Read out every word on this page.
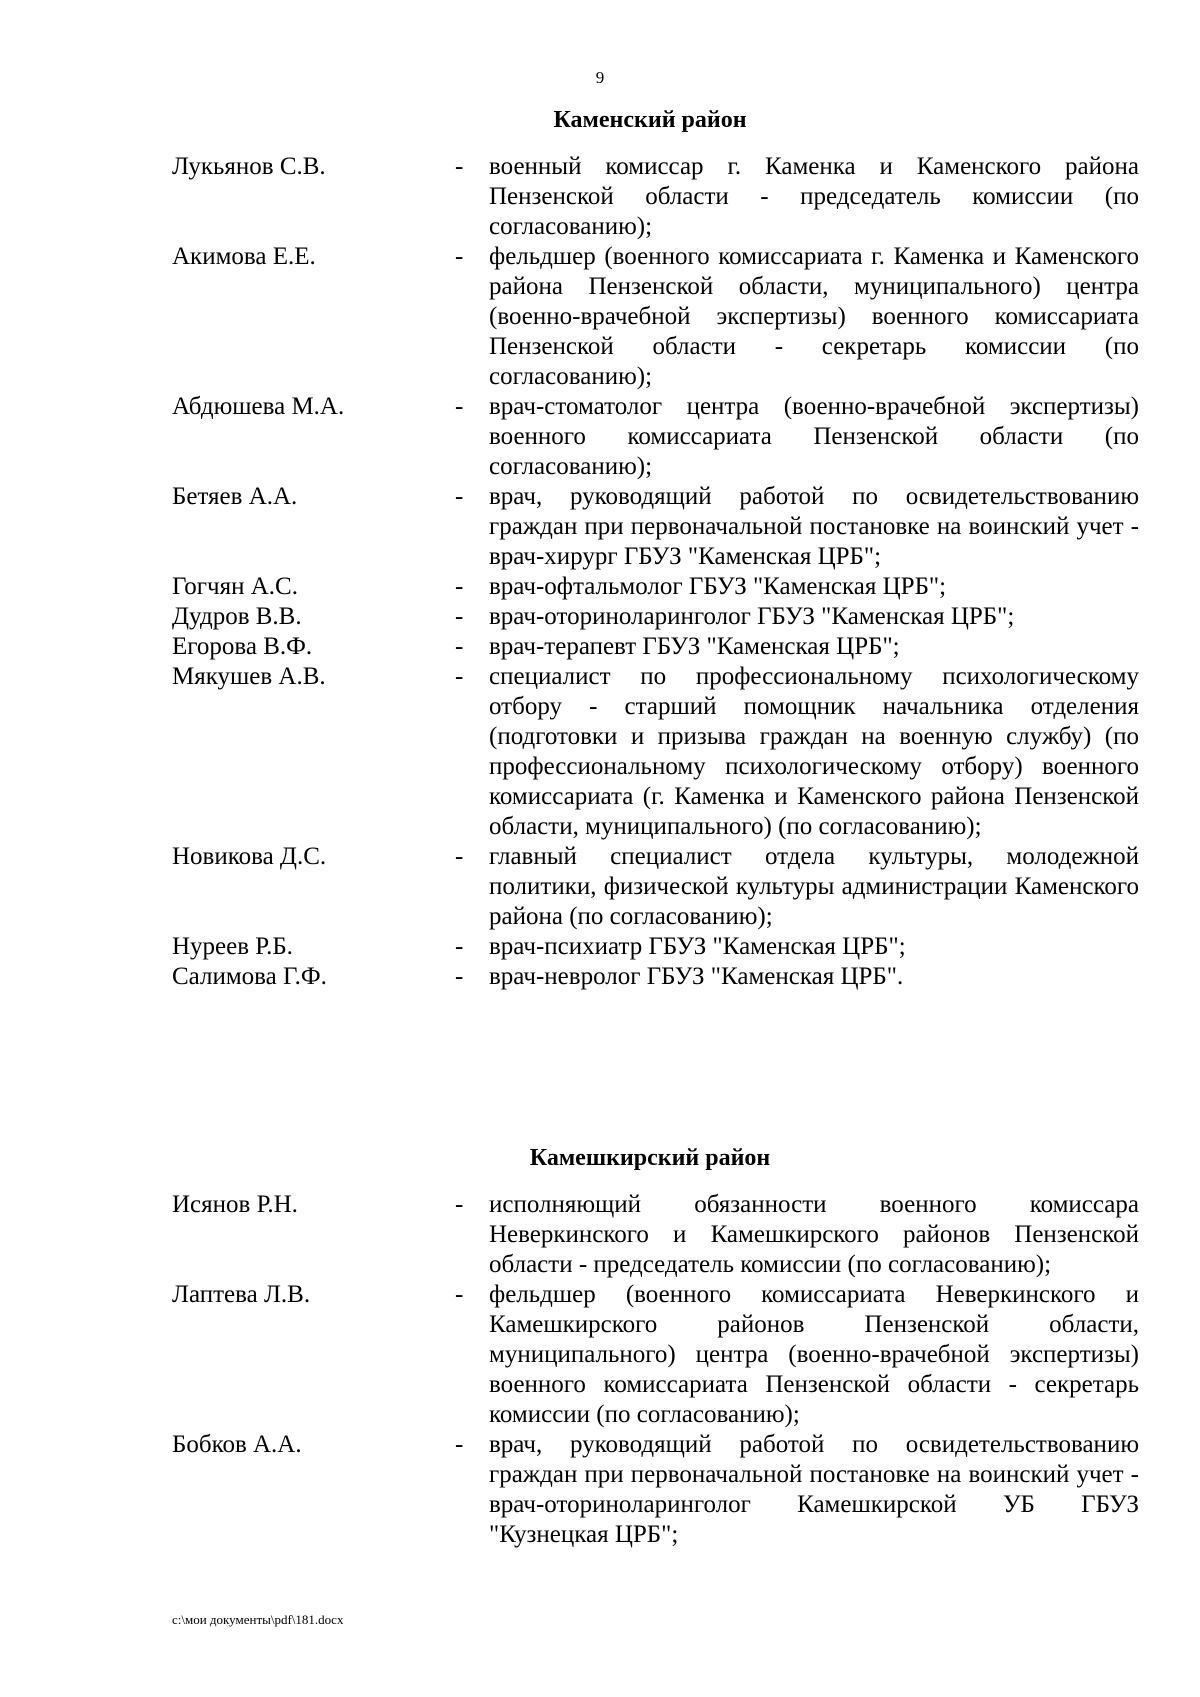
9
Каменский район
Лукьянов С.В.	- военный комиссар г. Каменка и Каменского района Пензенской области - председатель комиссии (по согласованию);
Акимова Е.Е.	- фельдшер (военного комиссариата г. Каменка и Каменского района Пензенской области, муниципального) центра (военно-врачебной экспертизы) военного комиссариата Пензенской области - секретарь комиссии (по согласованию);
Абдюшева М.А.	- врач-стоматолог центра (военно-врачебной экспертизы) военного комиссариата Пензенской области (по согласованию);
Бетяев А.А.	- врач, руководящий работой по освидетельствованию граждан при первоначальной постановке на воинский учет - врач-хирург ГБУЗ "Каменская ЦРБ";
Гогчян А.С.	- врач-офтальмолог ГБУЗ "Каменская ЦРБ";
Дудров В.В.	- врач-оториноларинголог ГБУЗ "Каменская ЦРБ";
Егорова В.Ф.	- врач-терапевт ГБУЗ "Каменская ЦРБ";
Мякушев А.В.	- специалист по профессиональному психологическому отбору - старший помощник начальника отделения (подготовки и призыва граждан на военную службу) (по профессиональному психологическому отбору) военного комиссариата (г. Каменка и Каменского района Пензенской области, муниципального) (по согласованию);
Новикова Д.С.	- главный специалист отдела культуры, молодежной политики, физической культуры администрации Каменского района (по согласованию);
Нуреев Р.Б.	- врач-психиатр ГБУЗ "Каменская ЦРБ";
Салимова Г.Ф.	- врач-невролог ГБУЗ "Каменская ЦРБ".
Камешкирский район
Исянов Р.Н.	- исполняющий обязанности военного комиссара Неверкинского и Камешкирского районов Пензенской области - председатель комиссии (по согласованию);
Лаптева Л.В.	- фельдшер (военного комиссариата Неверкинского и Камешкирского районов Пензенской области, муниципального) центра (военно-врачебной экспертизы) военного комиссариата Пензенской области - секретарь комиссии (по согласованию);
Бобков А.А.	- врач, руководящий работой по освидетельствованию граждан при первоначальной постановке на воинский учет - врач-оториноларинголог Камешкирской УБ ГБУЗ "Кузнецкая ЦРБ";
c:\мои документы\pdf\181.docx
